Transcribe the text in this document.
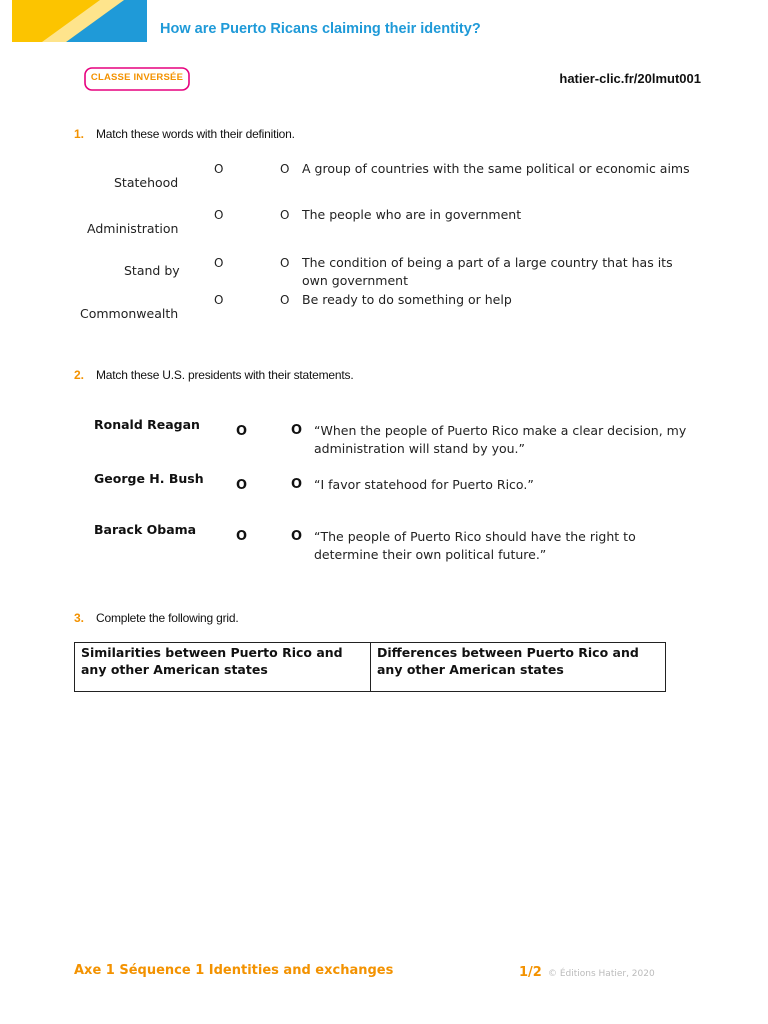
How are Puerto Ricans claiming their identity?
CLASSE INVERSÉE	hatier-clic.fr/20lmut001
1. Match these words with their definition.
Statehood
Administration
Stand by
Commonwealth
O
O
O
O
O
O
O
O
A group of countries with the same political or economic aims
The people who are in government
The condition of being a part of a large country that has its own government
Be ready to do something or help
2. Match these U.S. presidents with their statements.
Ronald Reagan
George H. Bush
Barack Obama
O
O
O
O
O
O
“When the people of Puerto Rico make a clear decision, my administration will stand by you.”
“I favor statehood for Puerto Rico.”
“The people of Puerto Rico should have the right to determine their own political future.”
3. Complete the following grid.
Similarities between Puerto Rico and any other American states
Differences between Puerto Rico and any other American states
Axe 1 Séquence 1 Identities and exchanges	1/2 © Éditions Hatier, 2020
